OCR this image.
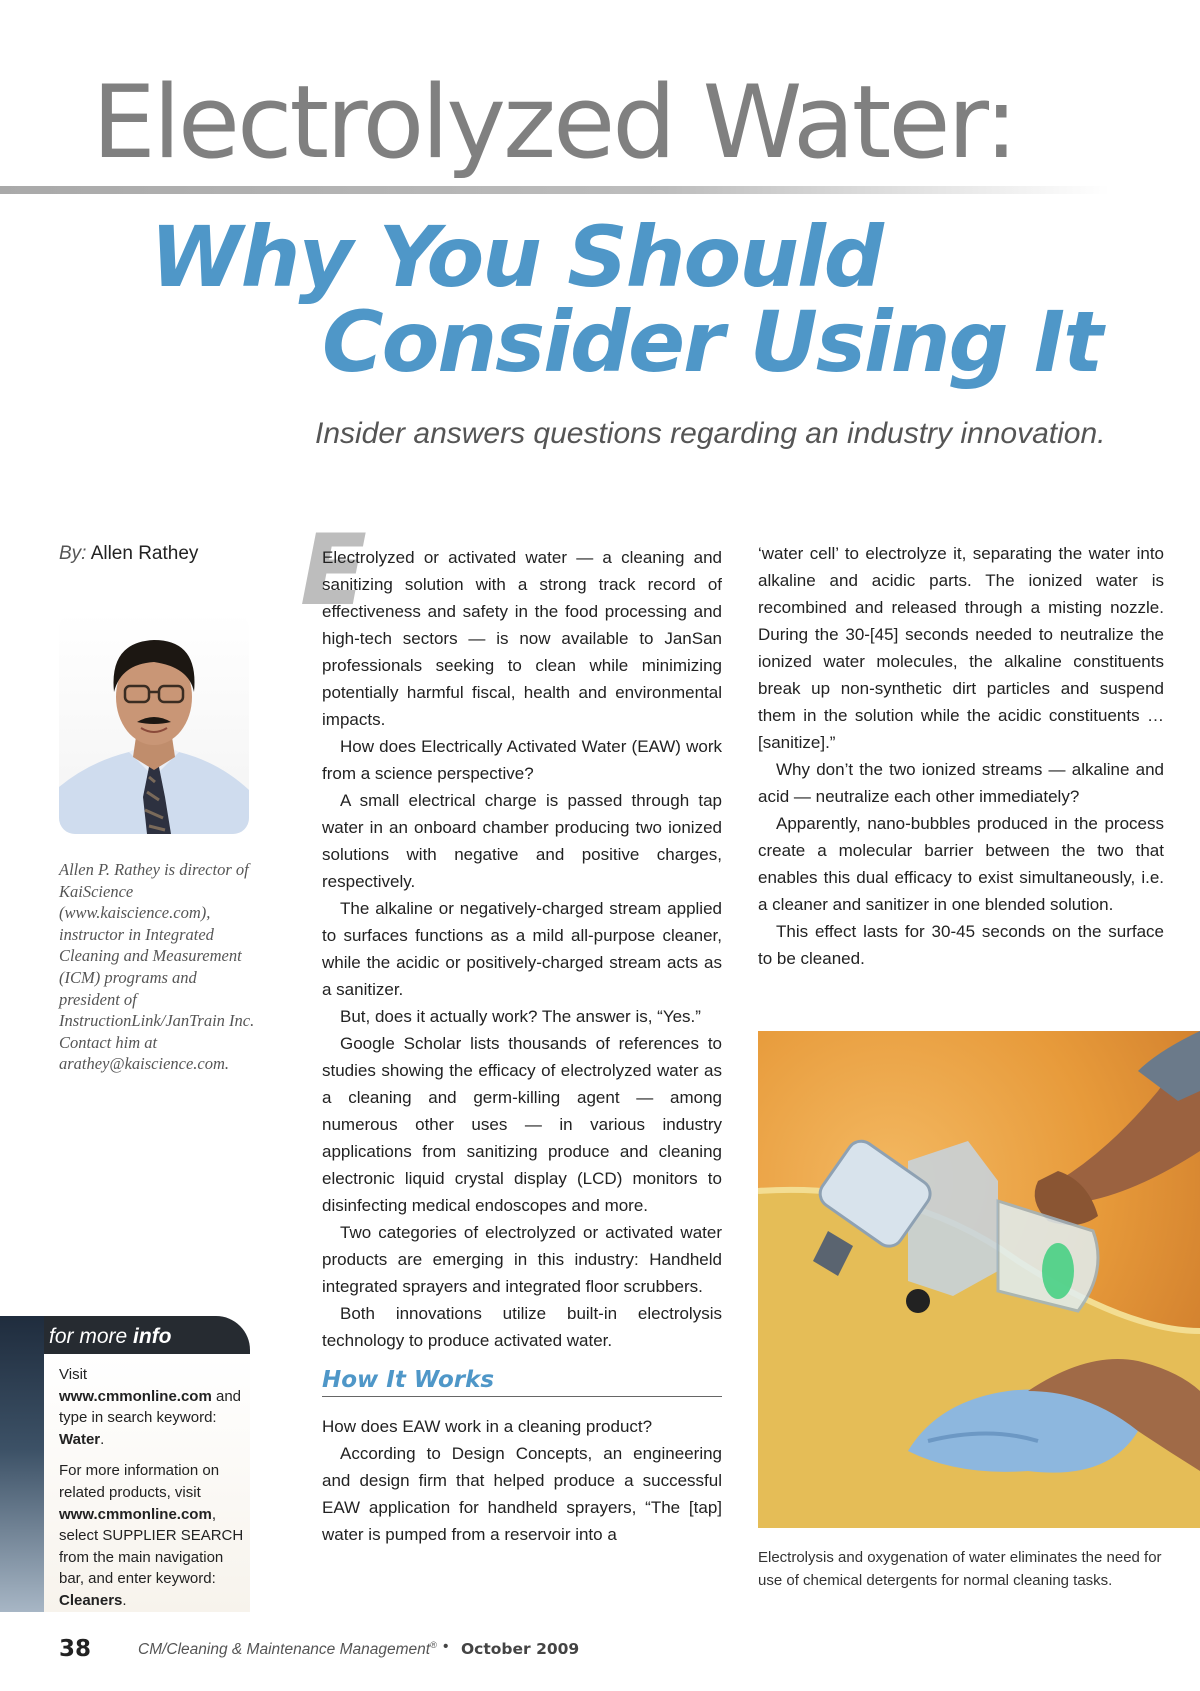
Electrolyzed Water:
Why You Should
Consider Using It
Insider answers questions regarding an industry innovation.
By: Allen Rathey
Allen P. Rathey is director of KaiScience (www.kaiscience.com), instructor in Integrated Cleaning and Measurement (ICM) programs and president of InstructionLink/JanTrain Inc. Contact him at arathey@kaiscience.com.
for more info

Visit www.cmmonline.com and type in search keyword: Water.

For more information on related products, visit www.cmmonline.com, select SUPPLIER SEARCH from the main navigation bar, and enter keyword: Cleaners.

E

Electrolyzed or activated water — a cleaning and sanitizing solution with a strong track record of effectiveness and safety in the food processing and high-tech sectors — is now available to JanSan professionals seeking to clean while minimizing potentially harmful fiscal, health and environmental impacts.

How does Electrically Activated Water (EAW) work from a science perspective?

A small electrical charge is passed through tap water in an onboard chamber producing two ionized solutions with negative and positive charges, respectively.

The alkaline or negatively-charged stream applied to surfaces functions as a mild all-purpose cleaner, while the acidic or positively-charged stream acts as a sanitizer.

But, does it actually work? The answer is, “Yes.”

Google Scholar lists thousands of references to studies showing the efficacy of electrolyzed water as a cleaning and germ-killing agent — among numerous other uses — in various industry applications from sanitizing produce and cleaning electronic liquid crystal display (LCD) monitors to disinfecting medical endoscopes and more.

Two categories of electrolyzed or activated water products are emerging in this industry: Handheld integrated sprayers and integrated floor scrubbers.

Both innovations utilize built-in electrolysis technology to produce activated water.

How It Works

How does EAW work in a cleaning product?

According to Design Concepts, an engineering and design firm that helped produce a successful EAW application for handheld sprayers, “The [tap] water is pumped from a reservoir into a

‘water cell’ to electrolyze it, separating the water into alkaline and acidic parts. The ionized water is recombined and released through a misting nozzle. During the 30-[45] seconds needed to neutralize the ionized water molecules, the alkaline constituents break up non-synthetic dirt particles and suspend them in the solution while the acidic constituents … [sanitize].”

Why don’t the two ionized streams — alkaline and acid — neutralize each other immediately?

Apparently, nano-bubbles produced in the process create a molecular barrier between the two that enables this dual efficacy to exist simultaneously, i.e. a cleaner and sanitizer in one blended solution.

This effect lasts for 30-45 seconds on the surface to be cleaned.

Electrolysis and oxygenation of water eliminates the need for use of chemical detergents for normal cleaning tasks.
38	CM/Cleaning & Maintenance Management® • October 2009
